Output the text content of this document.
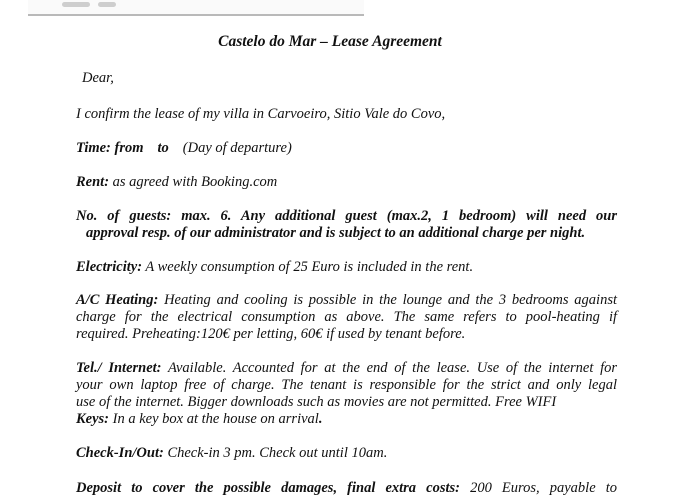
Castelo do Mar – Lease Agreement
Dear,
I confirm the lease of my villa in Carvoeiro, Sitio Vale do Covo,
Time: from to (Day of departure)
Rent: as agreed with Booking.com
No. of guests: max. 6. Any additional guest (max.2, 1 bedroom) will need our
approval resp. of our administrator and is subject to an additional charge per night.
Electricity: A weekly consumption of 25 Euro is included in the rent.
A/C Heating: Heating and cooling is possible in the lounge and the 3 bedrooms against
charge for the electrical consumption as above. The same refers to pool-heating if
required. Preheating:120€ per letting, 60€ if used by tenant before.
Tel./ Internet: Available. Accounted for at the end of the lease. Use of the internet for
your own laptop free of charge. The tenant is responsible for the strict and only legal
use of the internet. Bigger downloads such as movies are not permitted. Free WIFI
Keys: In a key box at the house on arrival.
Check-In/Out: Check-in 3 pm. Check out until 10am.
Deposit to cover the possible damages, final extra costs: 200 Euros, payable to
